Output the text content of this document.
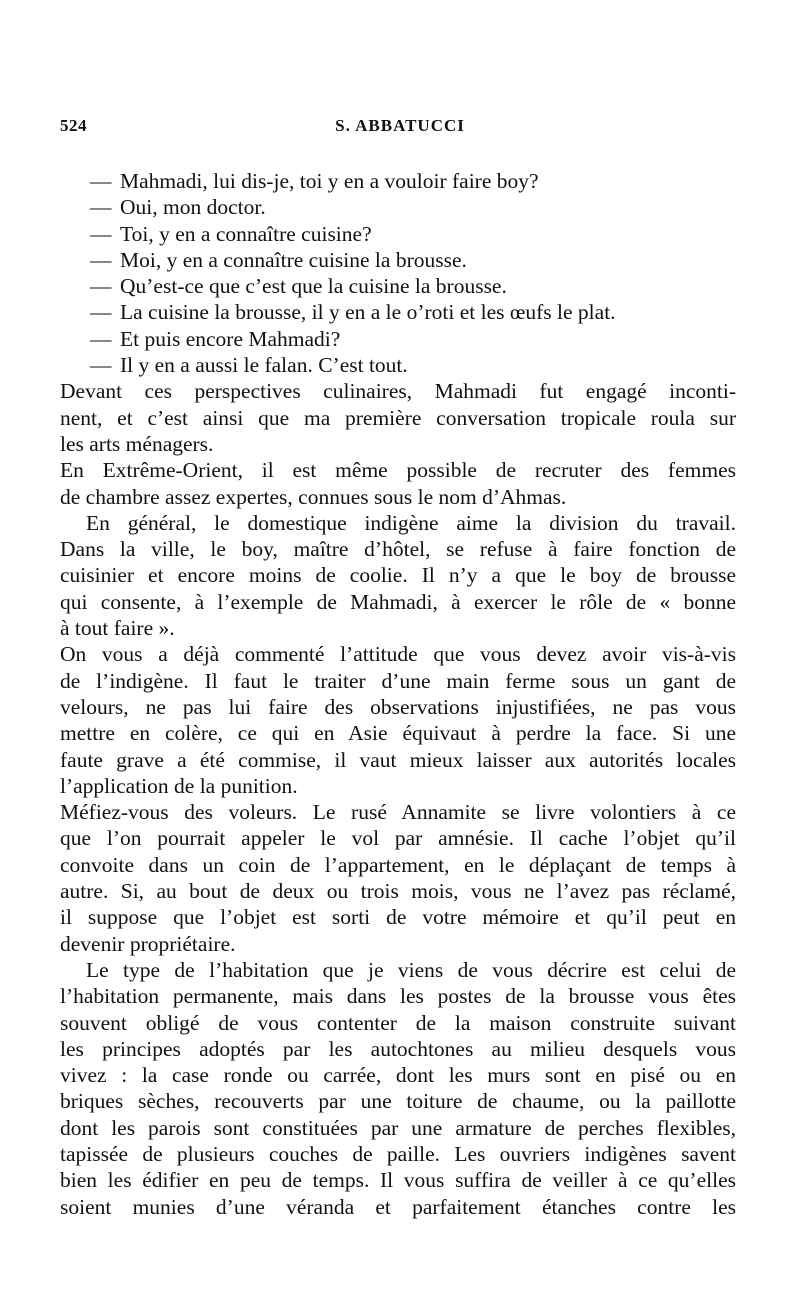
524	S. ABBATUCCI
— Mahmadi, lui dis-je, toi y en a vouloir faire boy?
— Oui, mon doctor.
— Toi, y en a connaître cuisine?
— Moi, y en a connaître cuisine la brousse.
— Qu’est-ce que c’est que la cuisine la brousse.
— La cuisine la brousse, il y en a le o’roti et les œufs le plat.
— Et puis encore Mahmadi?
— Il y en a aussi le falan. C’est tout.
Devant ces perspectives culinaires, Mahmadi fut engagé inconti-
nent, et c’est ainsi que ma première conversation tropicale roula sur
les arts ménagers.
En Extrême-Orient, il est même possible de recruter des femmes
de chambre assez expertes, connues sous le nom d’Ahmas.
En général, le domestique indigène aime la division du travail.
Dans la ville, le boy, maître d’hôtel, se refuse à faire fonction de
cuisinier et encore moins de coolie. Il n’y a que le boy de brousse
qui consente, à l’exemple de Mahmadi, à exercer le rôle de « bonne
à tout faire ».
On vous a déjà commenté l’attitude que vous devez avoir vis-à-vis
de l’indigène. Il faut le traiter d’une main ferme sous un gant de
velours, ne pas lui faire des observations injustifiées, ne pas vous
mettre en colère, ce qui en Asie équivaut à perdre la face. Si une
faute grave a été commise, il vaut mieux laisser aux autorités locales
l’application de la punition.
Méfiez-vous des voleurs. Le rusé Annamite se livre volontiers à ce
que l’on pourrait appeler le vol par amnésie. Il cache l’objet qu’il
convoite dans un coin de l’appartement, en le déplaçant de temps à
autre. Si, au bout de deux ou trois mois, vous ne l’avez pas réclamé,
il suppose que l’objet est sorti de votre mémoire et qu’il peut en
devenir propriétaire.
Le type de l’habitation que je viens de vous décrire est celui de
l’habitation permanente, mais dans les postes de la brousse vous êtes
souvent obligé de vous contenter de la maison construite suivant
les principes adoptés par les autochtones au milieu desquels vous
vivez : la case ronde ou carrée, dont les murs sont en pisé ou en
briques sèches, recouverts par une toiture de chaume, ou la paillotte
dont les parois sont constituées par une armature de perches flexibles,
tapissée de plusieurs couches de paille. Les ouvriers indigènes savent
bien les édifier en peu de temps. Il vous suffira de veiller à ce qu’elles
soient munies d’une véranda et parfaitement étanches contre les
